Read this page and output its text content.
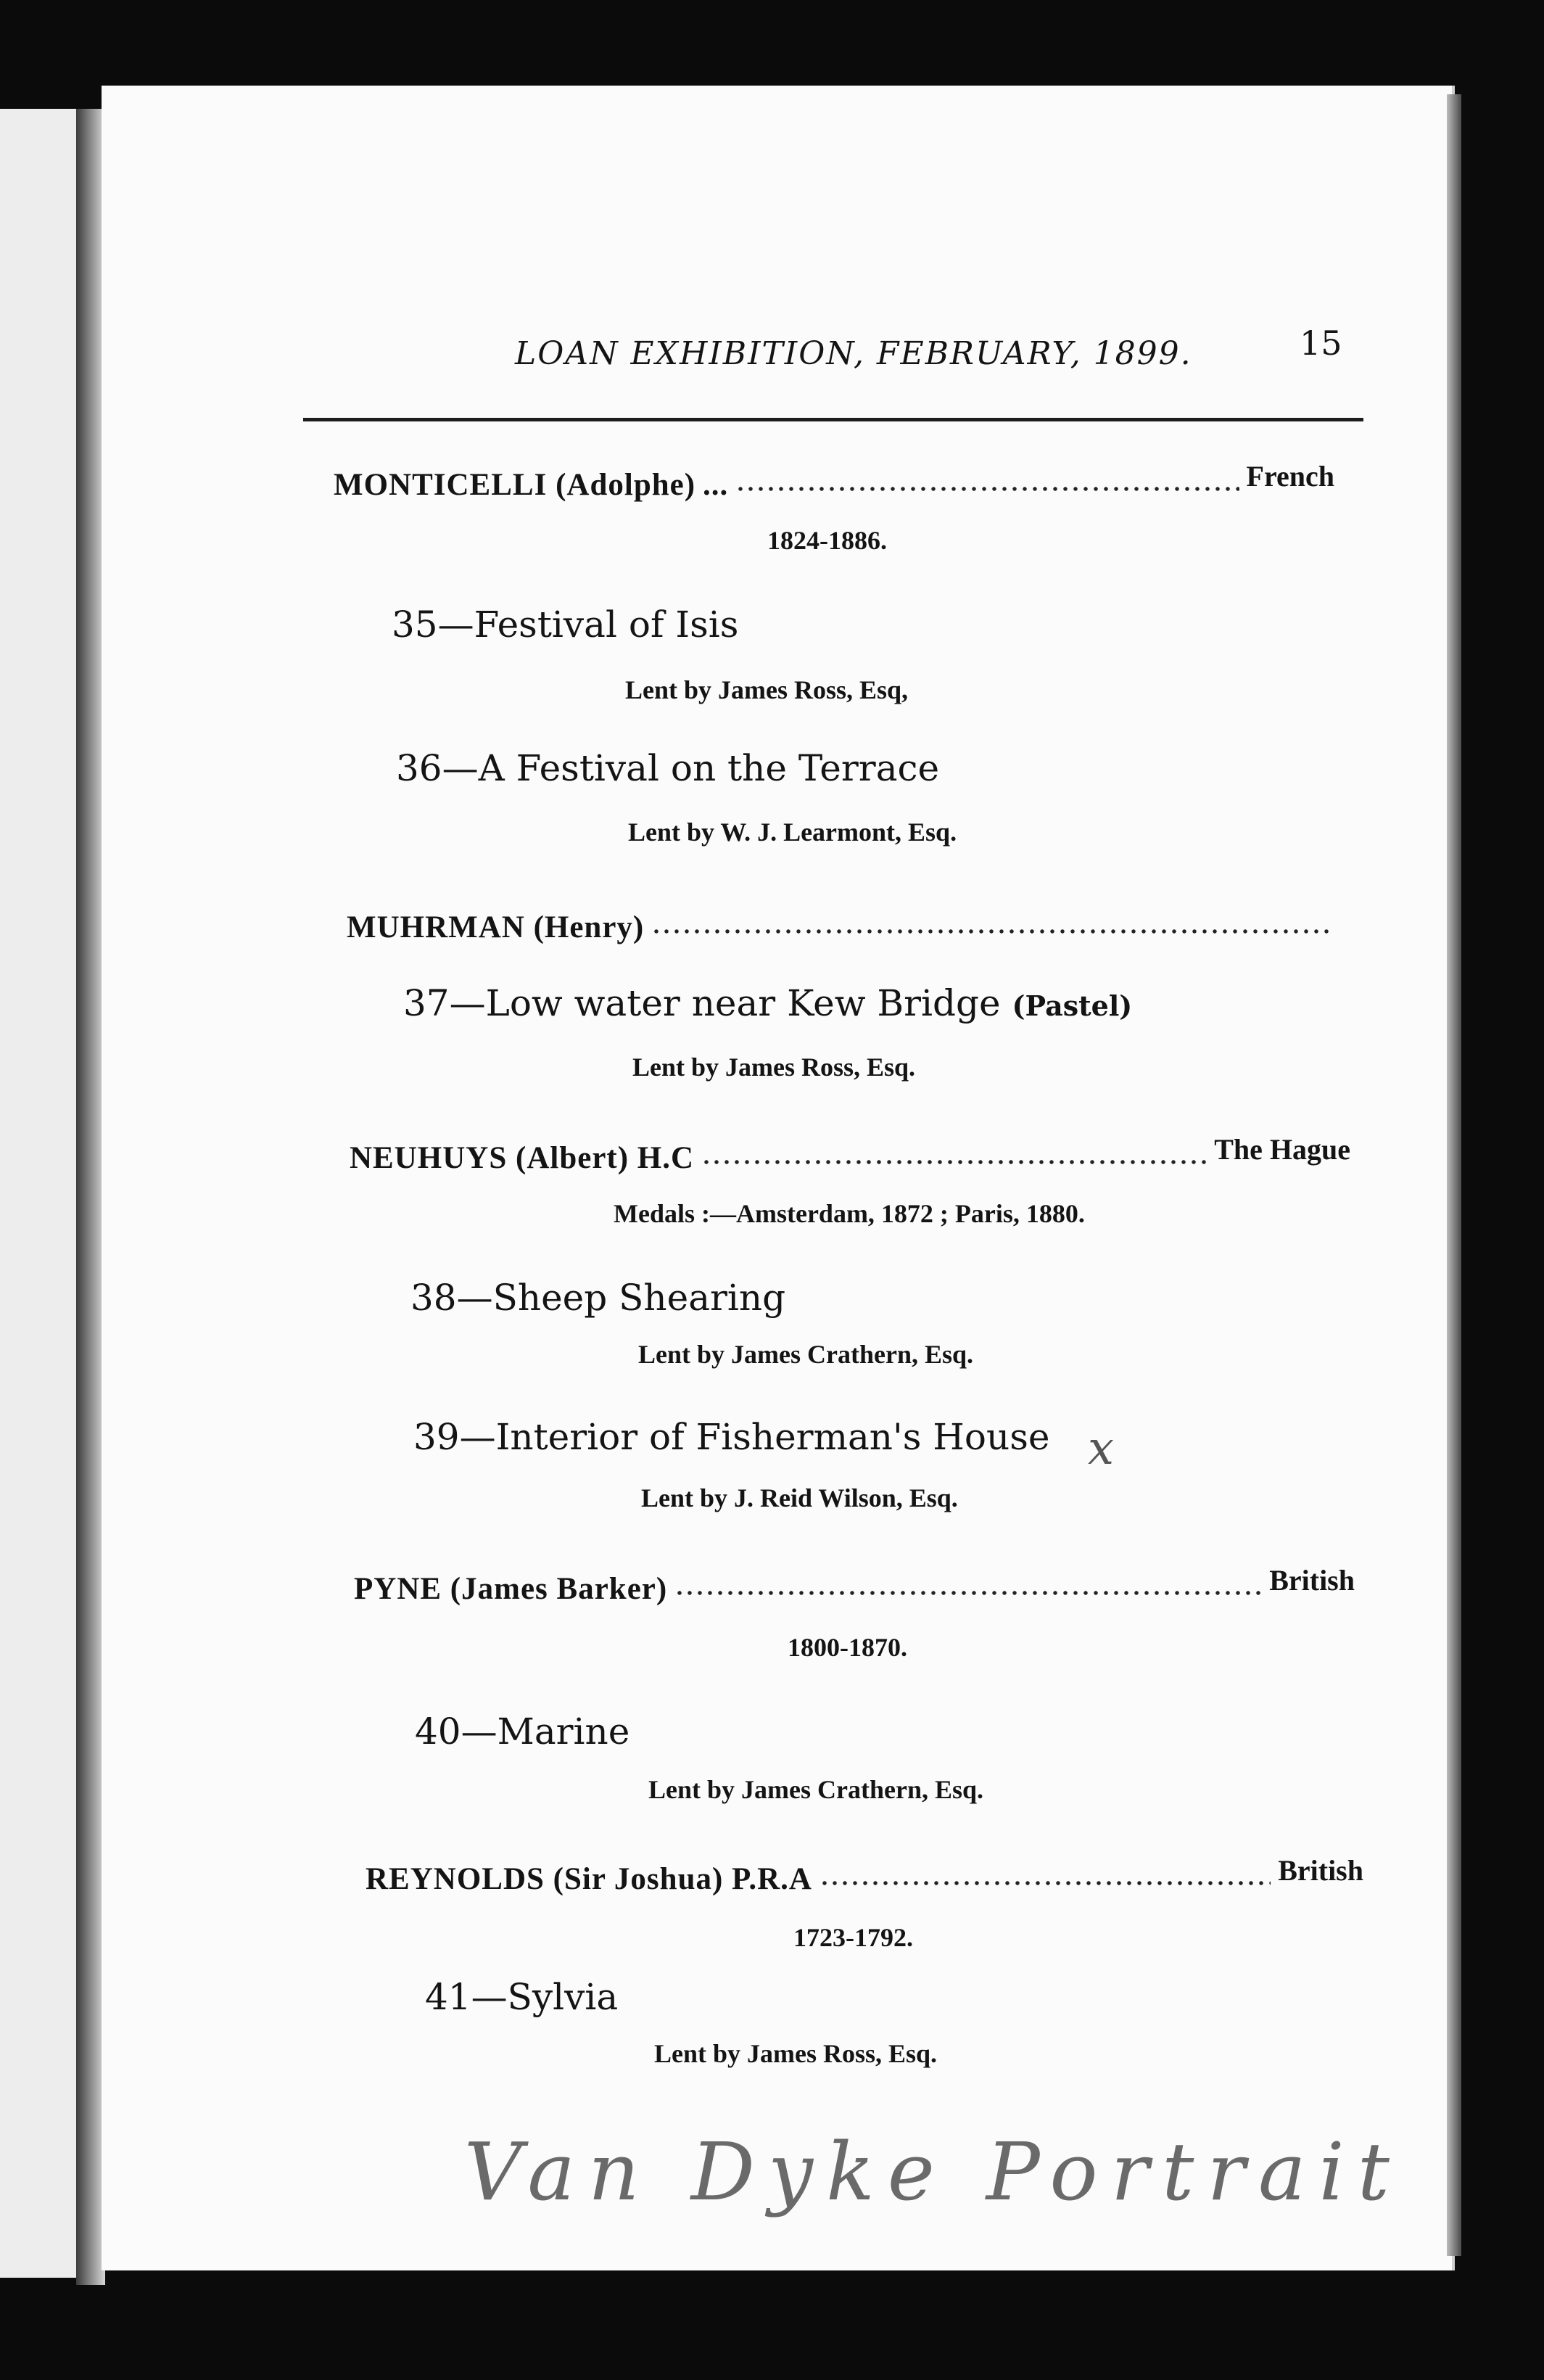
LOAN EXHIBITION, FEBRUARY, 1899.	15
MONTICELLI (Adolphe) ...	French
1824-1886.
35—Festival of Isis
Lent by James Ross, Esq,
36—A Festival on the Terrace
Lent by W. J. Learmont, Esq.
MUHRMAN (Henry)
37—Low water near Kew Bridge (Pastel)
Lent by James Ross, Esq.
NEUHUYS (Albert) H.C	The Hague
Medals :—Amsterdam, 1872 ; Paris, 1880.
38—Sheep Shearing
Lent by James Crathern, Esq.
39—Interior of Fisherman's House x
Lent by J. Reid Wilson, Esq.
PYNE (James Barker)	British
1800-1870.
40—Marine
Lent by James Crathern, Esq.
REYNOLDS (Sir Joshua) P.R.A	British
1723-1792.
41—Sylvia
Lent by James Ross, Esq.
Van Dyke Portrait
